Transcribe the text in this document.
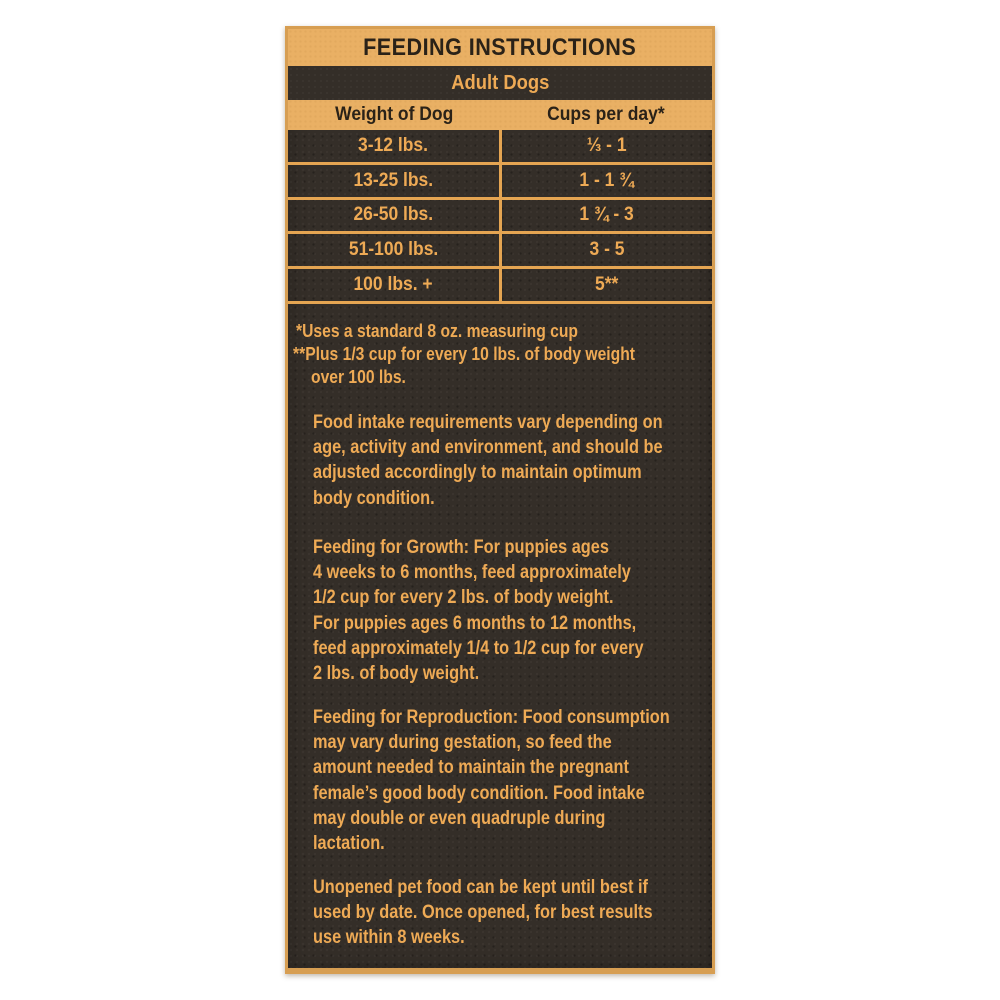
FEEDING INSTRUCTIONS
Adult Dogs
Weight of Dog	Cups per day*
3-12 lbs.	⅓ - 1
13-25 lbs.	1 - 1 ¾
26-50 lbs.	1 ¾ - 3
51-100 lbs.	3 - 5
100 lbs. +	5**
*Uses a standard 8 oz. measuring cup
**Plus 1/3 cup for every 10 lbs. of body weight
over 100 lbs.
Food intake requirements vary depending on
age, activity and environment, and should be
adjusted accordingly to maintain optimum
body condition.
Feeding for Growth: For puppies ages
4 weeks to 6 months, feed approximately
1/2 cup for every 2 lbs. of body weight.
For puppies ages 6 months to 12 months,
feed approximately 1/4 to 1/2 cup for every
2 lbs. of body weight.
Feeding for Reproduction: Food consumption
may vary during gestation, so feed the
amount needed to maintain the pregnant
female’s good body condition. Food intake
may double or even quadruple during
lactation.
Unopened pet food can be kept until best if
used by date. Once opened, for best results
use within 8 weeks.
